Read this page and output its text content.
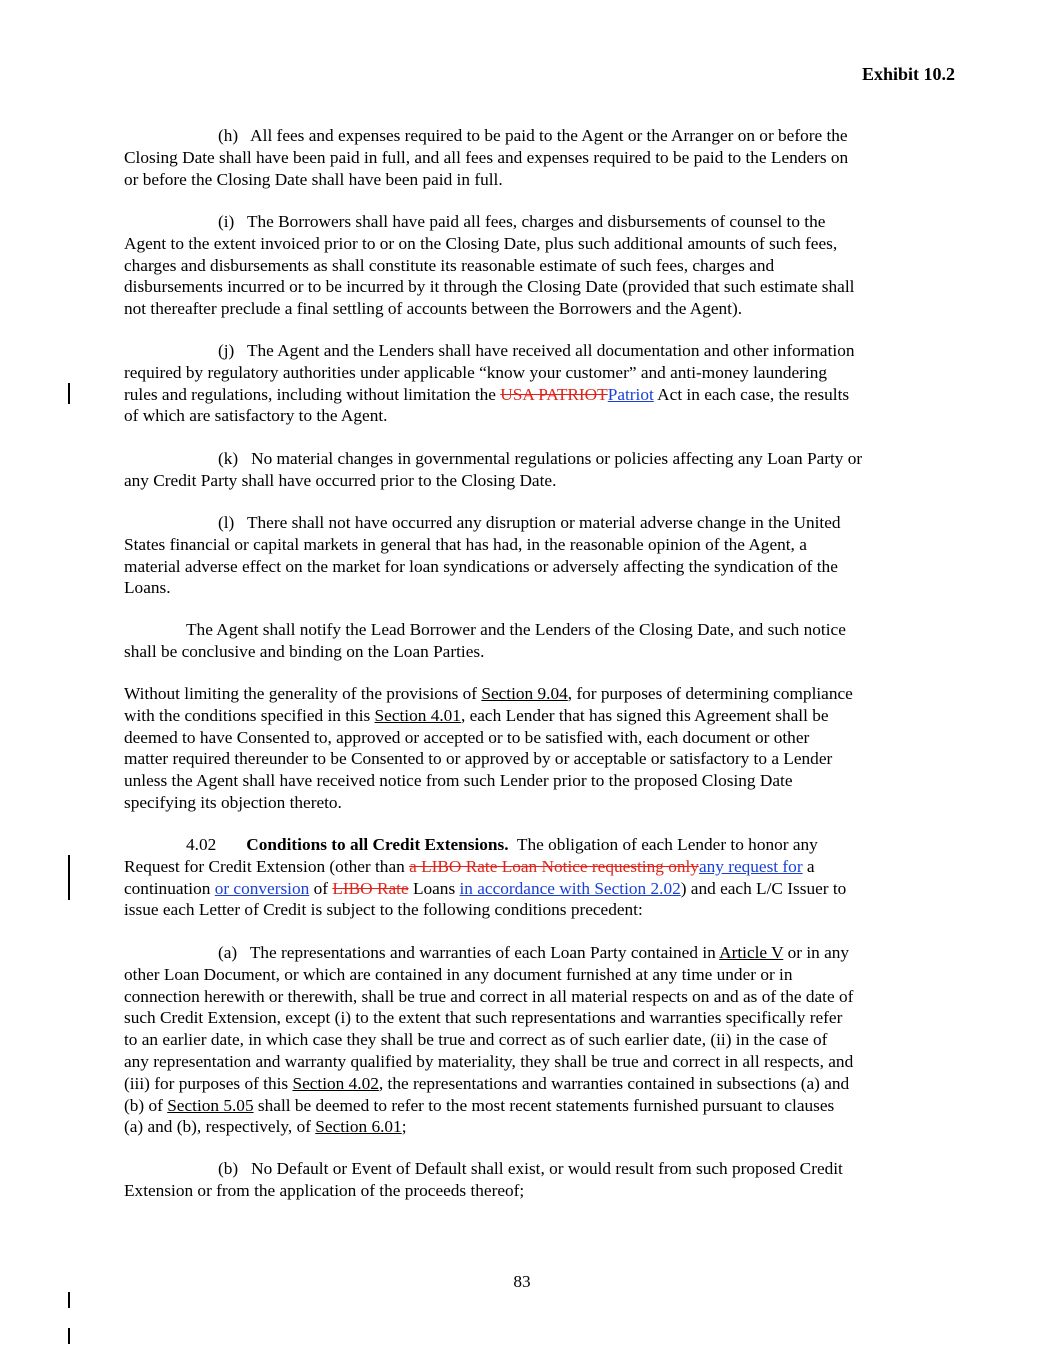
Exhibit 10.2
(h)   All fees and expenses required to be paid to the Agent or the Arranger on or before the
Closing Date shall have been paid in full, and all fees and expenses required to be paid to the Lenders on
or before the Closing Date shall have been paid in full.
(i)   The Borrowers shall have paid all fees, charges and disbursements of counsel to the
Agent to the extent invoiced prior to or on the Closing Date, plus such additional amounts of such fees,
charges and disbursements as shall constitute its reasonable estimate of such fees, charges and
disbursements incurred or to be incurred by it through the Closing Date (provided that such estimate shall
not thereafter preclude a final settling of accounts between the Borrowers and the Agent).
(j)   The Agent and the Lenders shall have received all documentation and other information
required by regulatory authorities under applicable “know your customer” and anti-money laundering
rules and regulations, including without limitation the USA PATRIOTPatriot Act in each case, the results
of which are satisfactory to the Agent.
(k)   No material changes in governmental regulations or policies affecting any Loan Party or
any Credit Party shall have occurred prior to the Closing Date.
(l)   There shall not have occurred any disruption or material adverse change in the United
States financial or capital markets in general that has had, in the reasonable opinion of the Agent, a
material adverse effect on the market for loan syndications or adversely affecting the syndication of the
Loans.
The Agent shall notify the Lead Borrower and the Lenders of the Closing Date, and such notice
shall be conclusive and binding on the Loan Parties.
Without limiting the generality of the provisions of Section 9.04, for purposes of determining compliance
with the conditions specified in this Section 4.01, each Lender that has signed this Agreement shall be
deemed to have Consented to, approved or accepted or to be satisfied with, each document or other
matter required thereunder to be Consented to or approved by or acceptable or satisfactory to a Lender
unless the Agent shall have received notice from such Lender prior to the proposed Closing Date
specifying its objection thereto.
4.02 Conditions to all Credit Extensions.  The obligation of each Lender to honor any
Request for Credit Extension (other than a LIBO Rate Loan Notice requesting onlyany request for a
continuation or conversion of LIBO Rate Loans in accordance with Section 2.02) and each L/C Issuer to
issue each Letter of Credit is subject to the following conditions precedent:
(a)   The representations and warranties of each Loan Party contained in Article V or in any
other Loan Document, or which are contained in any document furnished at any time under or in
connection herewith or therewith, shall be true and correct in all material respects on and as of the date of
such Credit Extension, except (i) to the extent that such representations and warranties specifically refer
to an earlier date, in which case they shall be true and correct as of such earlier date, (ii) in the case of
any representation and warranty qualified by materiality, they shall be true and correct in all respects, and
(iii) for purposes of this Section 4.02, the representations and warranties contained in subsections (a) and
(b) of Section 5.05 shall be deemed to refer to the most recent statements furnished pursuant to clauses
(a) and (b), respectively, of Section 6.01;
(b)   No Default or Event of Default shall exist, or would result from such proposed Credit
Extension or from the application of the proceeds thereof;
83
